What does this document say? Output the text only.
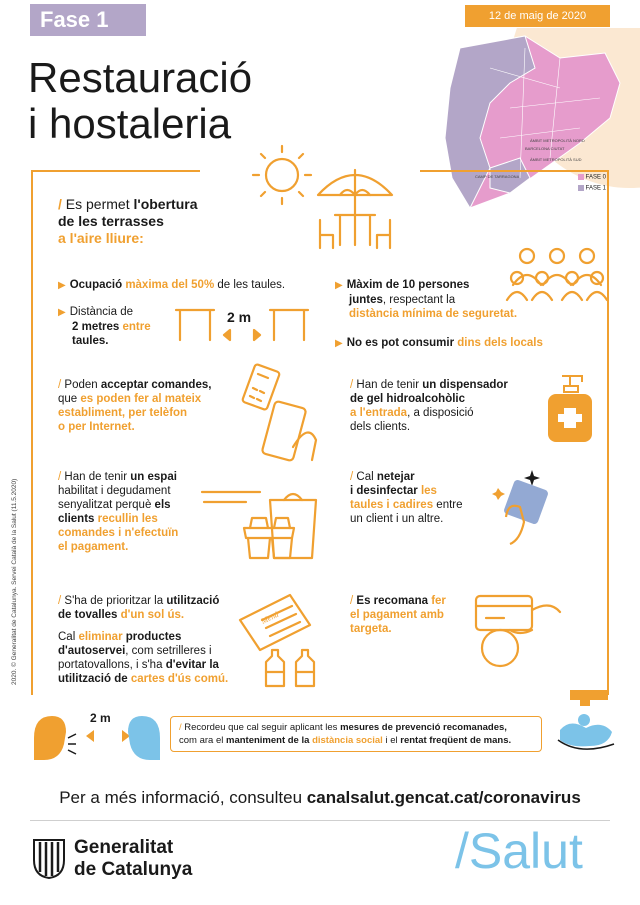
Fase 1	12 de maig de 2020
Restauració
i hostaleria
BARCELONA CIUTAT
ÀMBIT METROPOLITÀ NORD
ÀMBIT METROPOLITÀ SUD
CAMP DE TARRAGONA	FASE 0
FASE 1
/ Es permet l'obertura
de les terrasses
a l'aire lliure:
▶ Ocupació màxima del 50% de les taules.
▶ Distància de
2 metres entre
taules.
2 m
▶ Màxim de 10 persones
juntes, respectant la
distància mínima de seguretat.
▶ No es pot consumir dins dels locals
/ Poden acceptar comandes,
que es poden fer al mateix
establiment, per telèfon
o per Internet.
/ Han de tenir un dispensador
de gel hidroalcohòlic
a l'entrada, a disposició
dels clients.
/ Han de tenir un espai
habilitat i degudament
senyalitzat perquè els
clients recullin les
comandes i n'efectuïn
el pagament.
/ Cal netejar
i desinfectar les
taules i cadires entre
un client i un altre.
/ S'ha de prioritzar la utilització
de tovalles d'un sol ús.
Cal eliminar productes
d'autoservei, com setrilleres i
portatovallons, i s'ha d'evitar la
utilització de cartes d'ús comú.
Menú
/ Es recomana fer
el pagament amb
targeta.
2 m
/ Recordeu que cal seguir aplicant les mesures de prevenció recomanades,
com ara el manteniment de la distància social i el rentat freqüent de mans.
Per a més informació, consulteu canalsalut.gencat.cat/coronavirus
Generalitat
de Catalunya	/Salut
2020. © Generalitat de Catalunya. Servei Català de la Salut (11.5.2020)
